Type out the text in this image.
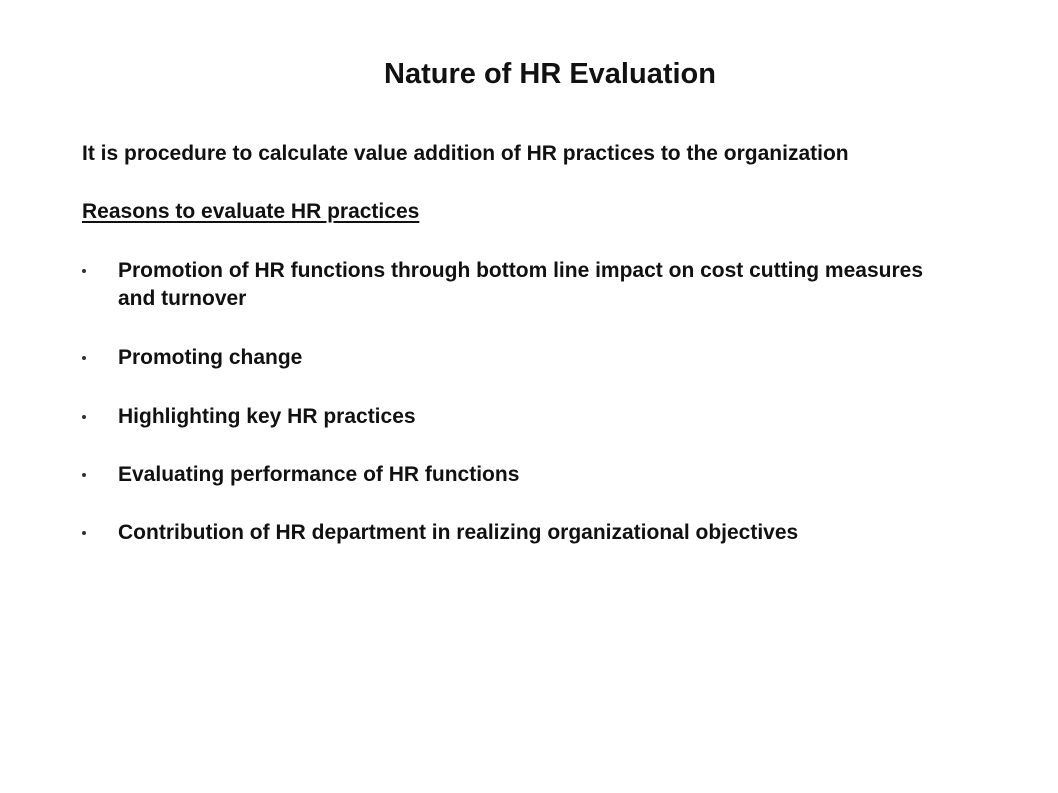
Nature of HR Evaluation

It is procedure to calculate value addition of HR practices to the organization

Reasons to evaluate HR practices

Promotion of HR functions through bottom line impact on cost cutting measures and turnover
Promoting change
Highlighting key HR practices
Evaluating performance of HR functions
Contribution of HR department in realizing organizational objectives
